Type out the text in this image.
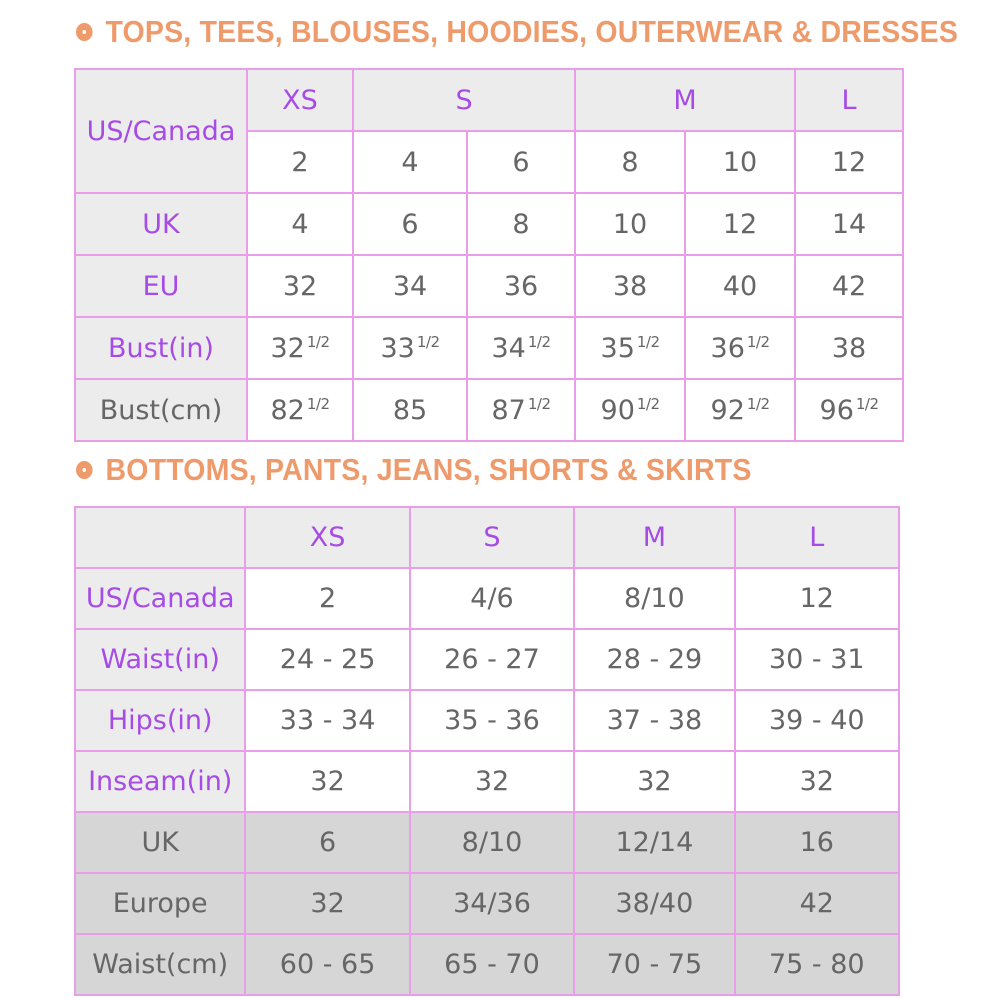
TOPS, TEES, BLOUSES, HOODIES, OUTERWEAR & DRESSES
US/Canada	XS	S		M		L
	2	4	6	8	10	12
UK	4	6	8	10	12	14
EU	32	34	36	38	40	42
Bust(in)	32 $^{1/2}$	33 $^{1/2}$	34 $^{1/2}$	35 $^{1/2}$	36 $^{1/2}$	38
Bust(cm)	82 $^{1/2}$	85	87 $^{1/2}$	90 $^{1/2}$	92 $^{1/2}$	96 $^{1/2}$
BOTTOMS, PANTS, JEANS, SHORTS & SKIRTS
	XS	S	M	L
US/Canada	2	4/6	8/10	12
Waist(in)	24 - 25	26 - 27	28 - 29	30 - 31
Hips(in)	33 - 34	35 - 36	37 - 38	39 - 40
Inseam(in)	32	32	32	32
UK	6	8/10	12/14	16
Europe	32	34/36	38/40	42
Waist(cm)	60 - 65	65 - 70	70 - 75	75 - 80
